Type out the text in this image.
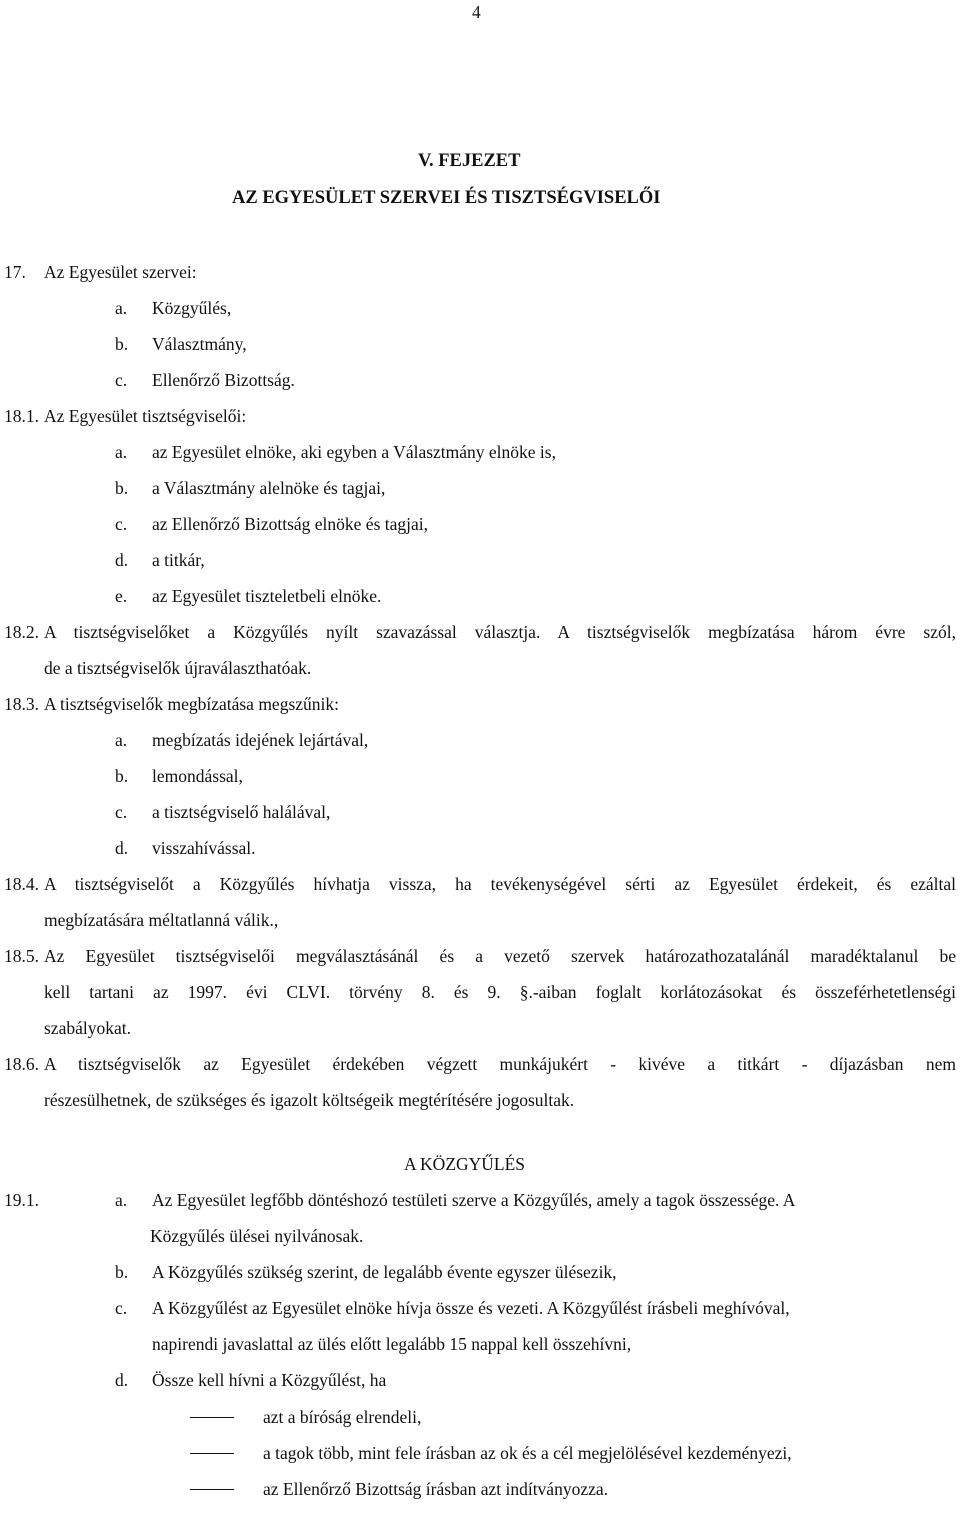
4
V. FEJEZET
AZ EGYESÜLET SZERVEI ÉS TISZTSÉGVISELŐI
17. Az Egyesület szervei:
a. Közgyűlés,
b. Választmány,
c. Ellenőrző Bizottság.
18.1. Az Egyesület tisztségviselői:
a. az Egyesület elnöke, aki egyben a Választmány elnöke is,
b. a Választmány alelnöke és tagjai,
c. az Ellenőrző Bizottság elnöke és tagjai,
d. a titkár,
e. az Egyesület tiszteletbeli elnöke.
18.2. A tisztségviselőket a Közgyűlés nyílt szavazással választja. A tisztségviselők megbízatása három évre szól,
de a tisztségviselők újraválaszthatóak.
18.3. A tisztségviselők megbízatása megszűnik:
a. megbízatás idejének lejártával,
b. lemondással,
c. a tisztségviselő halálával,
d. visszahívással.
18.4. A tisztségviselőt a Közgyűlés hívhatja vissza, ha tevékenységével sérti az Egyesület érdekeit, és ezáltal
megbízatására méltatlanná válik.,
18.5. Az Egyesület tisztségviselői megválasztásánál és a vezető szervek határozathozatalánál maradéktalanul be
kell tartani az 1997. évi CLVI. törvény 8. és 9. §.-aiban foglalt korlátozásokat és összeférhetetlenségi
szabályokat.
18.6. A tisztségviselők az Egyesület érdekében végzett munkájukért - kivéve a titkárt - díjazásban nem
részesülhetnek, de szükséges és igazolt költségeik megtérítésére jogosultak.
A KÖZGYŰLÉS
19.1.	a. Az Egyesület legfőbb döntéshozó testületi szerve a Közgyűlés, amely a tagok összessége. A
Közgyűlés ülései nyilvánosak.
b. A Közgyűlés szükség szerint, de legalább évente egyszer ülésezik,
c. A Közgyűlést az Egyesület elnöke hívja össze és vezeti. A Közgyűlést írásbeli meghívóval,
napirendi javaslattal az ülés előtt legalább 15 nappal kell összehívni,
d. Össze kell hívni a Közgyűlést, ha
azt a bíróság elrendeli,
a tagok több, mint fele írásban az ok és a cél megjelölésével kezdeményezi,
az Ellenőrző Bizottság írásban azt indítványozza.
